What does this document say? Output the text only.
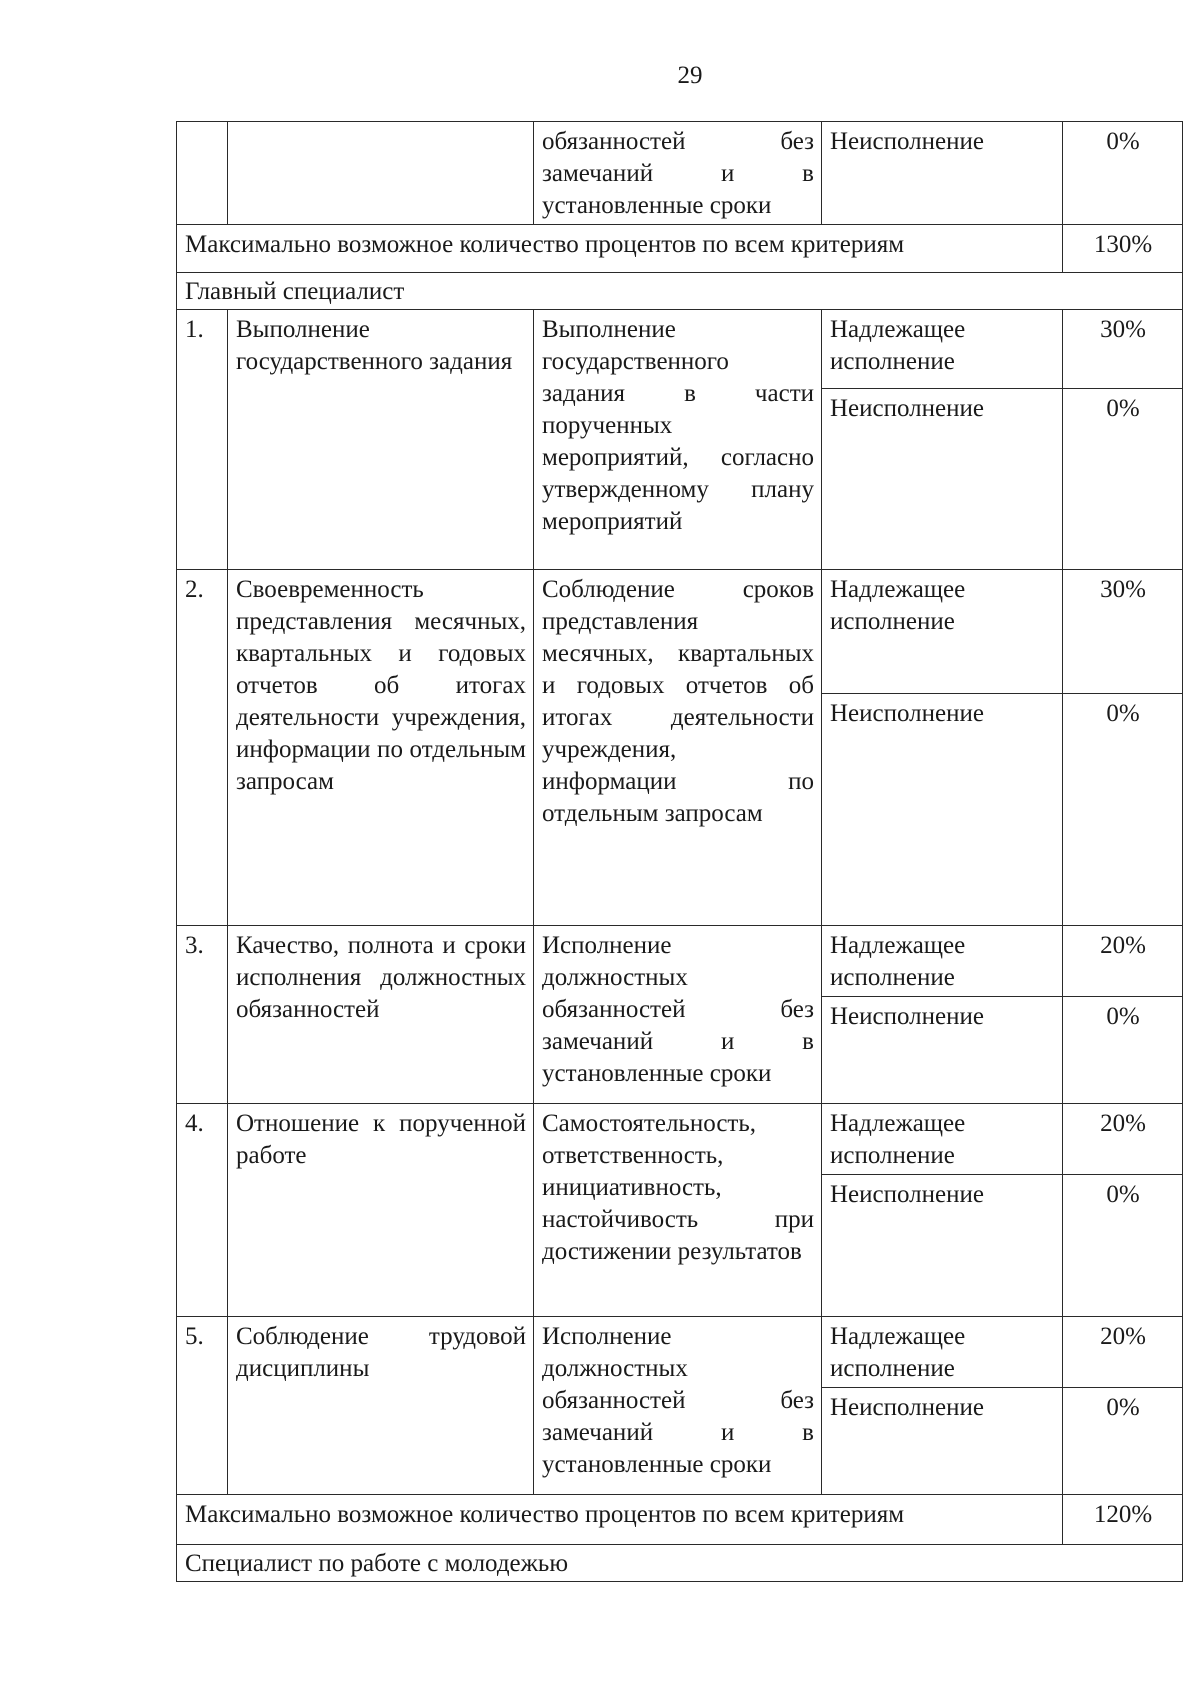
29
		обязанностей без замечаний и в установленные сроки	Неисполнение	0%
Максимально возможное количество процентов по всем критериям				130%
Главный специалист				
1.	Выполнение государственного задания	Выполнение государственного задания в части порученных мероприятий, согласно утвержденному плану мероприятий	Надлежащее исполнение	30%
			Неисполнение	0%
2.	Своевременность представления месячных, квартальных и годовых отчетов об итогах деятельности учреждения, информации по отдельным запросам	Соблюдение сроков представления месячных, квартальных и годовых отчетов об итогах деятельности учреждения, информации по отдельным запросам	Надлежащее исполнение	30%
			Неисполнение	0%
3.	Качество, полнота и сроки исполнения должностных обязанностей	Исполнение должностных обязанностей без замечаний и в установленные сроки	Надлежащее исполнение	20%
			Неисполнение	0%
4.	Отношение к порученной работе	Самостоятельность, ответственность, инициативность, настойчивость при достижении результатов	Надлежащее исполнение	20%
			Неисполнение	0%
5.	Соблюдение трудовой дисциплины	Исполнение должностных обязанностей без замечаний и в установленные сроки	Надлежащее исполнение	20%
			Неисполнение	0%
Максимально возможное количество процентов по всем критериям				120%
Специалист по работе с молодежью				
